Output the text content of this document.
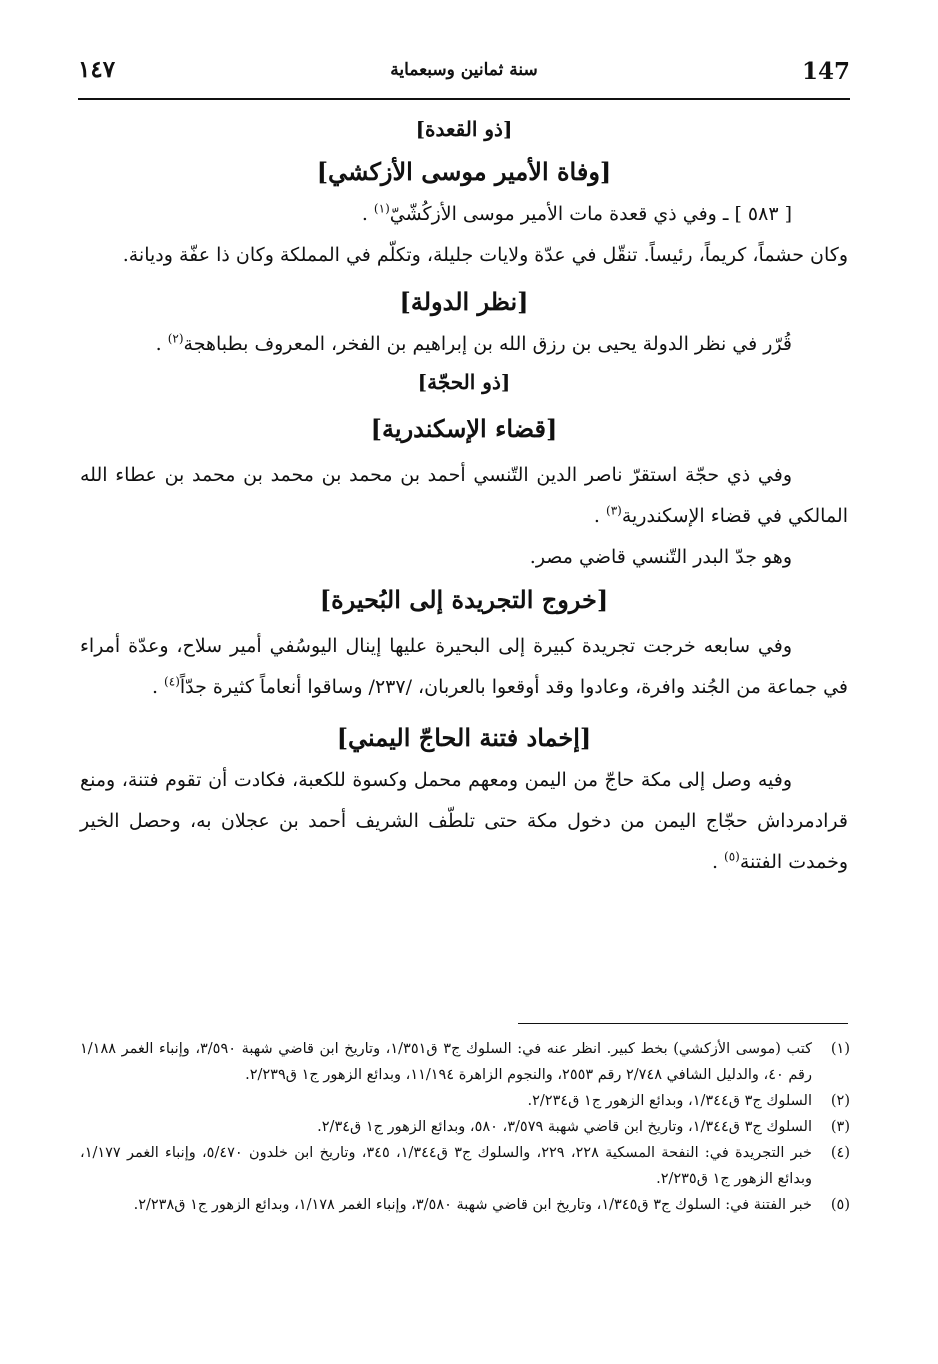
147
سنة ثمانين وسبعماية
١٤٧
[ذو القعدة]
[وفاة الأمير موسى الأزكشي]

[ ٥٨٣ ] ـ وفي ذي قعدة مات الأمير موسى الأزكُشّيّ$^{(١)}$ .

وكان حشماً، كريماً، رئيساً. تنقّل في عدّة ولايات جليلة، وتكلّم في المملكة وكان ذا عفّة وديانة.

[نظر الدولة]

قُرّر في نظر الدولة يحيى بن رزق الله بن إبراهيم بن الفخر، المعروف بطباهجة$^{(٢)}$ .

[ذو الحجّة]
[قضاء الإسكندرية]

وفي ذي حجّة استقرّ ناصر الدين التّنسي أحمد بن محمد بن محمد بن محمد بن عطاء الله المالكي في قضاء الإسكندرية$^{(٣)}$ .

وهو جدّ البدر التّنسي قاضي مصر.

[خروج التجريدة إلى البُحيرة]

وفي سابعه خرجت تجريدة كبيرة إلى البحيرة عليها إينال اليوسُفي أمير سلاح، وعدّة أمراء في جماعة من الجُند وافرة، وعادوا وقد أوقعوا بالعربان، /٢٣٧/ وساقوا أنعاماً كثيرة جدّاً$^{(٤)}$ .

[إخماد فتنة الحاجّ اليمني]

وفيه وصل إلى مكة حاجّ من اليمن ومعهم محمل وكسوة للكعبة، فكادت أن تقوم فتنة، ومنع قرادمرداش حجّاج اليمن من دخول مكة حتى تلطّف الشريف أحمد بن عجلان به، وحصل الخير وخمدت الفتنة$^{(٥)}$ .

(١)
كتب (موسى الأزكشي) بخط كبير. انظر عنه في: السلوك ج٣ ق١/٣٥١، وتاريخ ابن قاضي شهبة ٣/٥٩٠، وإنباء الغمر ١/١٨٨ رقم ٤٠، والدليل الشافي ٢/٧٤٨ رقم ٢٥٥٣، والنجوم الزاهرة ١١/١٩٤، وبدائع الزهور ج١ ق٢/٢٣٩.
(٢)
السلوك ج٣ ق١/٣٤٤، وبدائع الزهور ج١ ق٢/٢٣٤.
(٣)
السلوك ج٣ ق١/٣٤٤، وتاريخ ابن قاضي شهبة ٣/٥٧٩، ٥٨٠، وبدائع الزهور ج١ ق٢/٣٤.
(٤)
خبر التجريدة في: النفحة المسكية ٢٢٨، ٢٢٩، والسلوك ج٣ ق١/٣٤٤، ٣٤٥، وتاريخ ابن خلدون ٥/٤٧٠، وإنباء الغمر ١/١٧٧، وبدائع الزهور ج١ ق٢/٢٣٥.
(٥)
خبر الفتنة في: السلوك ج٣ ق١/٣٤٥، وتاريخ ابن قاضي شهبة ٣/٥٨٠، وإنباء الغمر ١/١٧٨، وبدائع الزهور ج١ ق٢/٢٣٨.
